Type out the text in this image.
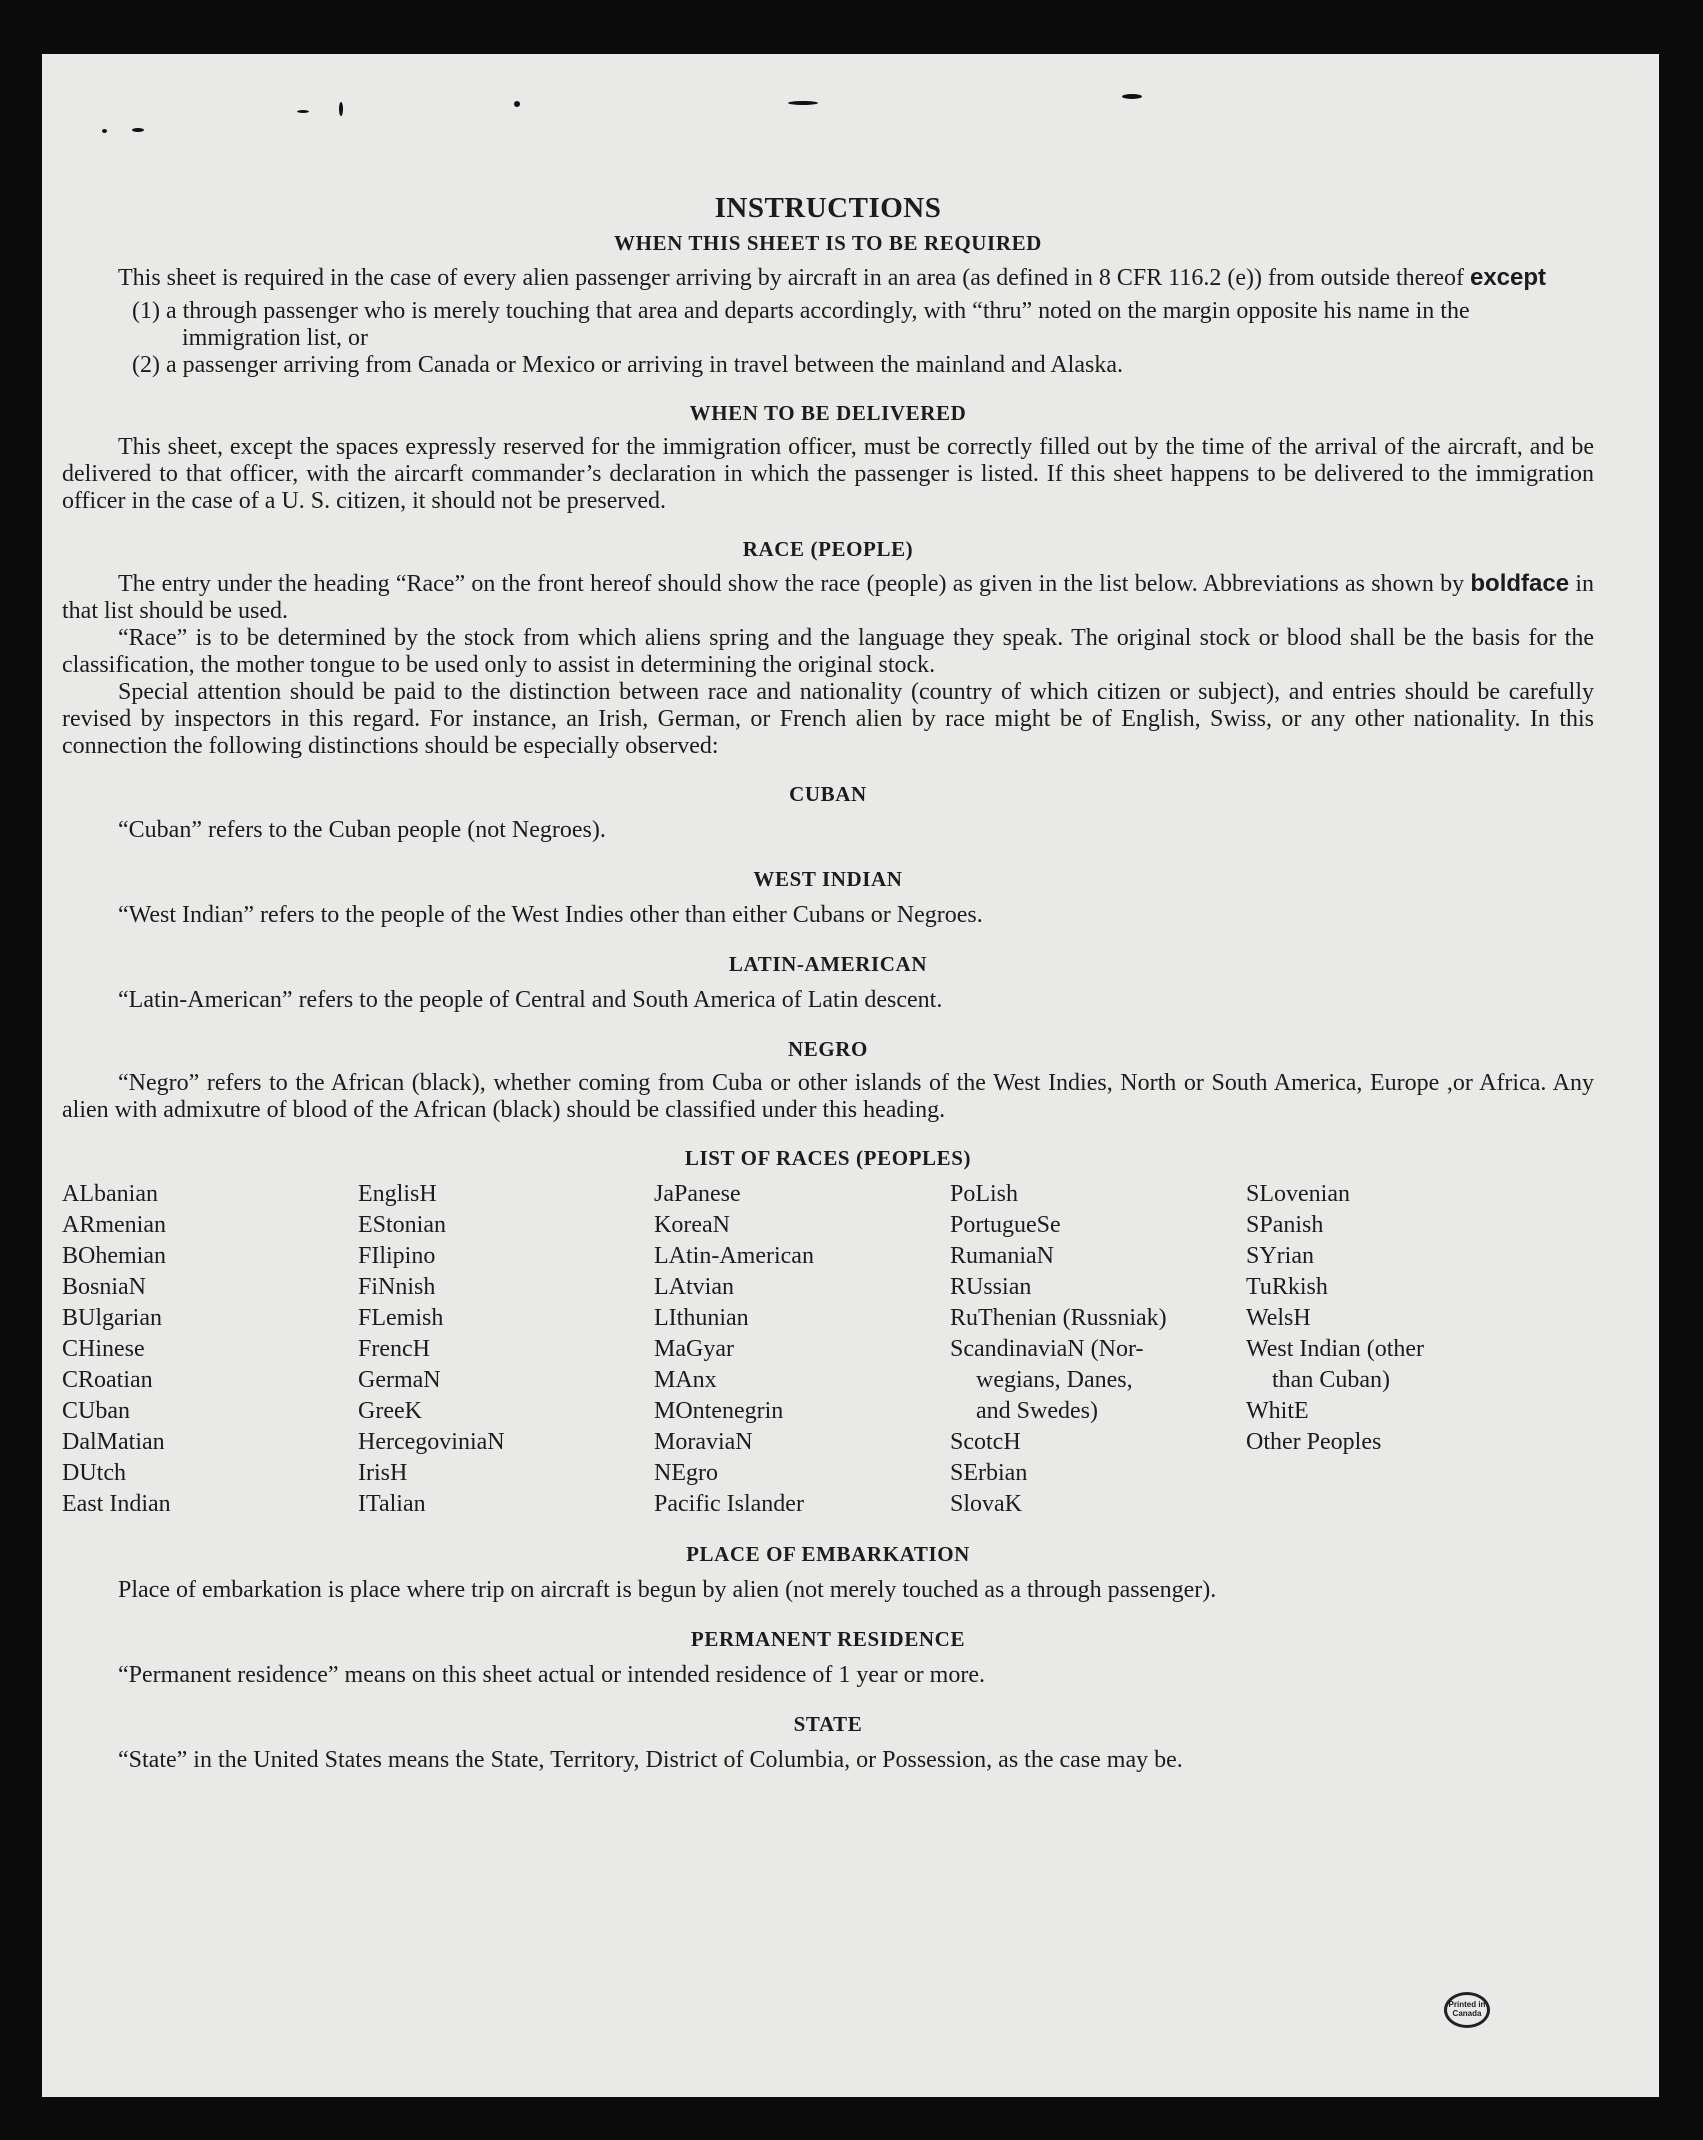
INSTRUCTIONS
WHEN THIS SHEET IS TO BE REQUIRED

This sheet is required in the case of every alien passenger arriving by aircraft in an area (as defined in 8 CFR 116.2 (e)) from outside thereof except

(1) a through passenger who is merely touching that area and departs accordingly, with “thru” noted on the margin opposite his name in the immigration list, or
(2) a passenger arriving from Canada or Mexico or arriving in travel between the mainland and Alaska.
WHEN TO BE DELIVERED

This sheet, except the spaces expressly reserved for the immigration officer, must be correctly filled out by the time of the arrival of the aircraft, and be delivered to that officer, with the aircarft commander’s declaration in which the passenger is listed. If this sheet happens to be delivered to the immigration officer in the case of a U. S. citizen, it should not be preserved.

RACE (PEOPLE)

The entry under the heading “Race” on the front hereof should show the race (people) as given in the list below. Abbreviations as shown by boldface in that list should be used.

“Race” is to be determined by the stock from which aliens spring and the language they speak. The original stock or blood shall be the basis for the classification, the mother tongue to be used only to assist in determining the original stock.

Special attention should be paid to the distinction between race and nationality (country of which citizen or subject), and entries should be carefully revised by inspectors in this regard. For instance, an Irish, German, or French alien by race might be of English, Swiss, or any other nationality. In this connection the following distinctions should be especially observed:

CUBAN
“Cuban” refers to the Cuban people (not Negroes).
WEST INDIAN
“West Indian” refers to the people of the West Indies other than either Cubans or Negroes.
LATIN-AMERICAN
“Latin-American” refers to the people of Central and South America of Latin descent.
NEGRO

“Negro” refers to the African (black), whether coming from Cuba or other islands of the West Indies, North or South America, Europe ,or Africa. Any alien with admixutre of blood of the African (black) should be classified under this heading.

LIST OF RACES (PEOPLES)
ALbanian
ARmenian
BOhemian
BosniaN
BUlgarian
CHinese
CRoatian
CUban
DalMatian
DUtch
East Indian
EnglisH
EStonian
FIlipino
FiNnish
FLemish
FrencH
GermaN
GreeK
HercegoviniaN
IrisH
ITalian
JaPanese
KoreaN
LAtin-American
LAtvian
LIthunian
MaGyar
MAnx
MOntenegrin
MoraviaN
NEgro
Pacific Islander
PoLish
PortugueSe
RumaniaN
RUssian
RuThenian (Russniak)
ScandinaviaN (Nor-
wegians, Danes,
and Swedes)
ScotcH
SErbian
SlovaK
SLovenian
SPanish
SYrian
TuRkish
WelsH
West Indian (other
than Cuban)
WhitE
Other Peoples
PLACE OF EMBARKATION
Place of embarkation is place where trip on aircraft is begun by alien (not merely touched as a through passenger).
PERMANENT RESIDENCE
“Permanent residence” means on this sheet actual or intended residence of 1 year or more.
STATE
“State” in the United States means the State, Territory, District of Columbia, or Possession, as the case may be.
Printed in Canada
